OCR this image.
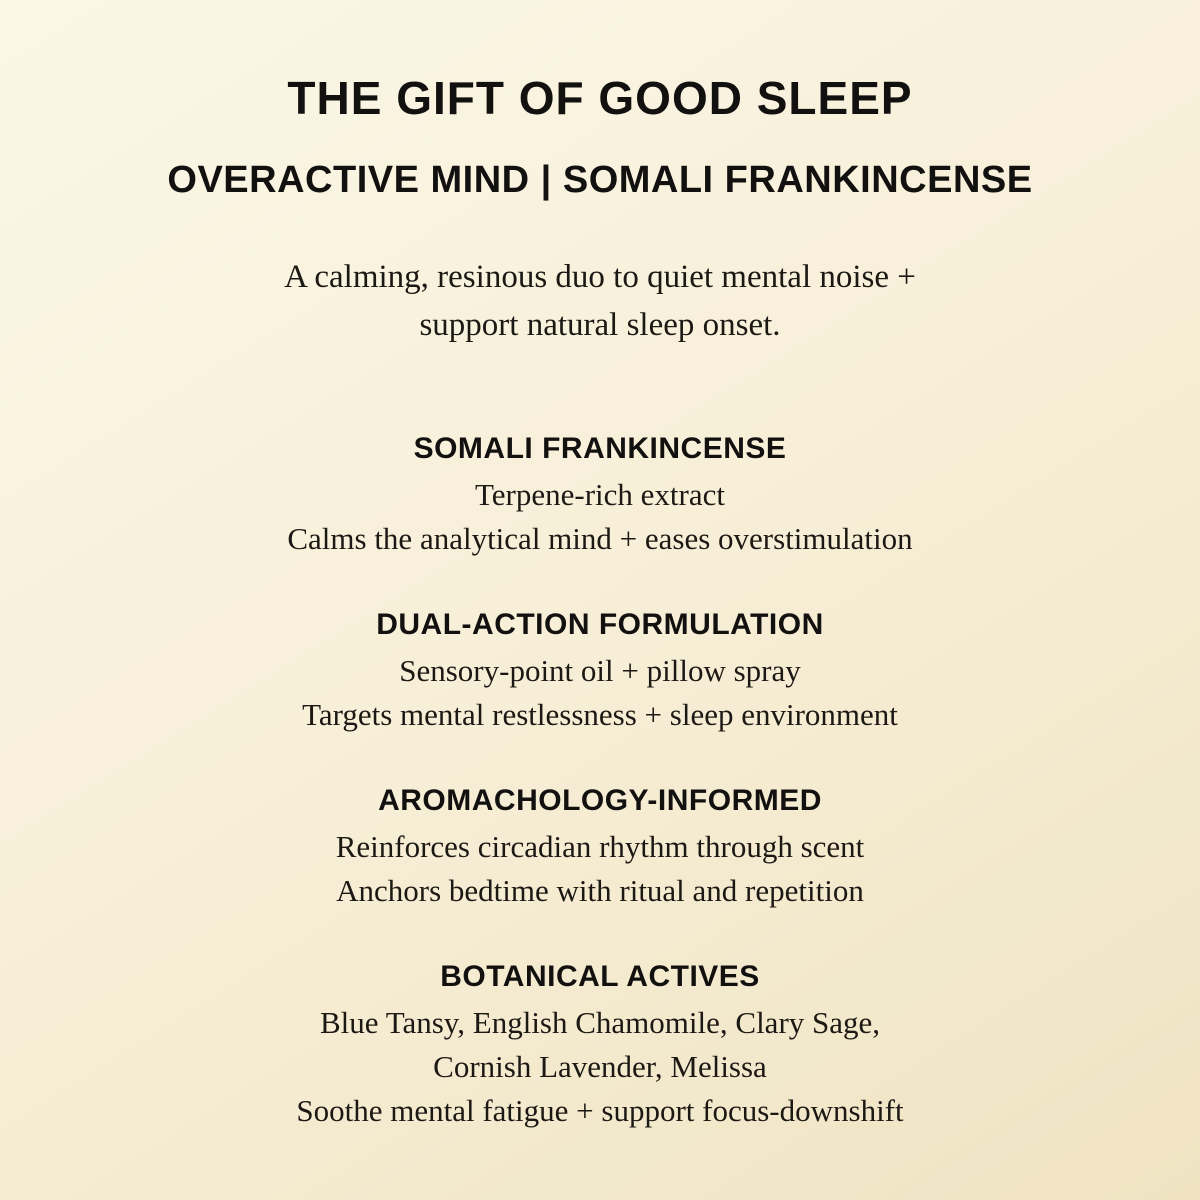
THE GIFT OF GOOD SLEEP
OVERACTIVE MIND | SOMALI FRANKINCENSE

A calming, resinous duo to quiet mental noise +
support natural sleep onset.

SOMALI FRANKINCENSE

Terpene-rich extract

Calms the analytical mind + eases overstimulation

DUAL-ACTION FORMULATION

Sensory-point oil + pillow spray

Targets mental restlessness + sleep environment

AROMACHOLOGY-INFORMED

Reinforces circadian rhythm through scent

Anchors bedtime with ritual and repetition

BOTANICAL ACTIVES

Blue Tansy, English Chamomile, Clary Sage,

Cornish Lavender, Melissa

Soothe mental fatigue + support focus-downshift
